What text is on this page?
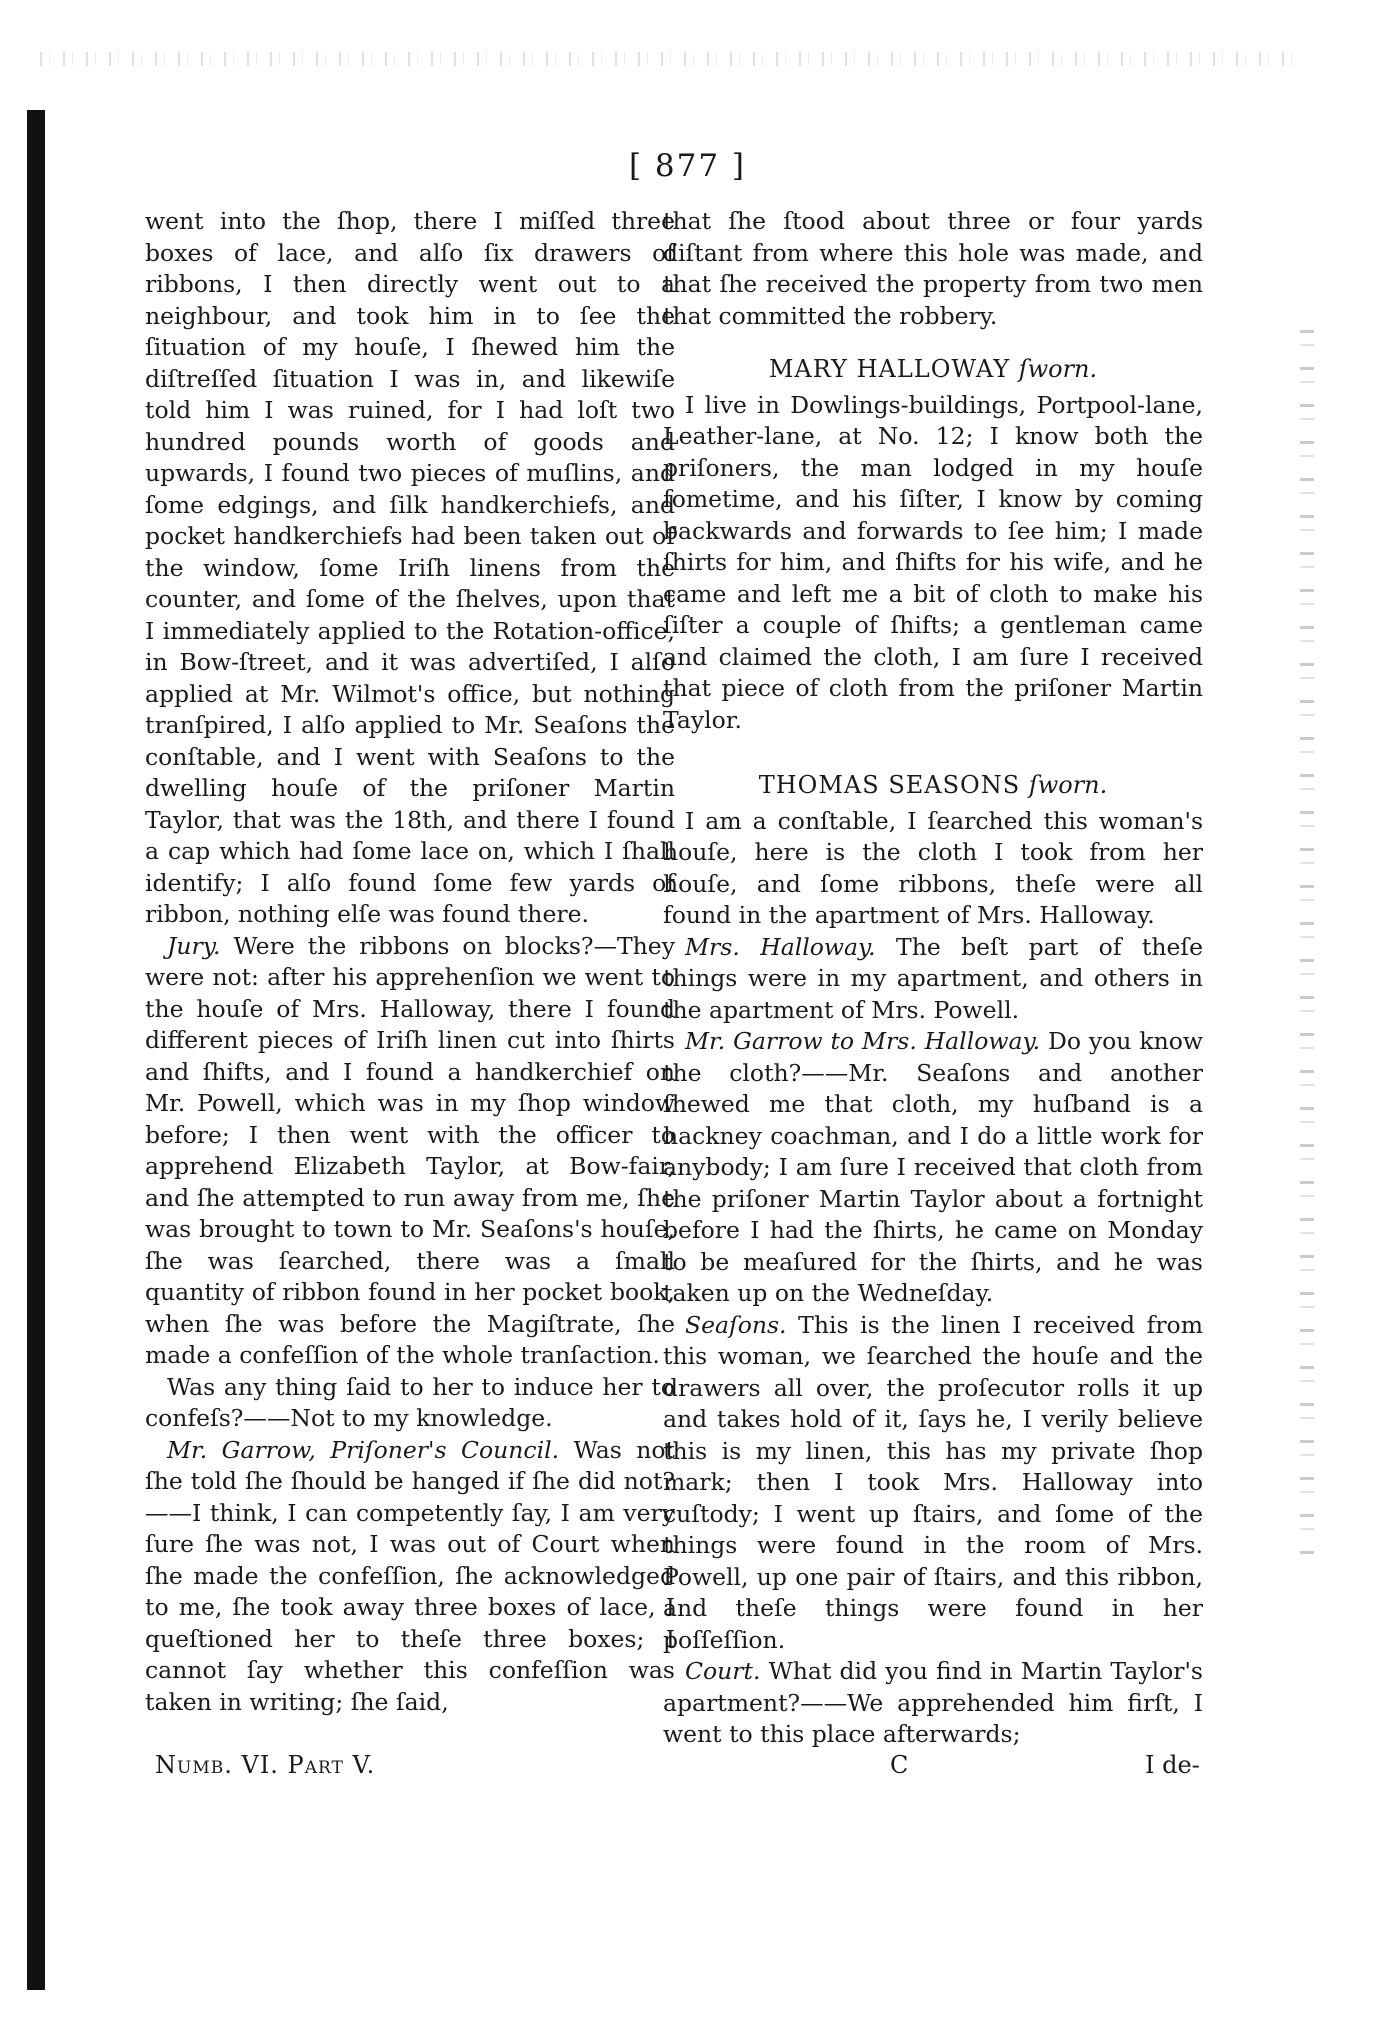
[ 877 ]

went into the ſhop, there I miſſed three boxes of lace, and alſo ſix drawers of ribbons, I then directly went out to a neighbour, and took him in to ſee the ſituation of my houſe, I ſhewed him the diſtreſſed ſituation I was in, and likewiſe told him I was ruined, for I had loſt two hundred pounds worth of goods and upwards, I found two pieces of muſlins, and ſome edgings, and ſilk handkerchiefs, and pocket handkerchiefs had been taken out of the window, ſome Iriſh linens from the counter, and ſome of the ſhelves, upon that I immediately applied to the Rotation-office, in Bow-ſtreet, and it was advertiſed, I alſo applied at Mr. Wilmot's office, but nothing tranſpired, I alſo applied to Mr. Seaſons the conſtable, and I went with Seaſons to the dwelling houſe of the priſoner Martin Taylor, that was the 18th, and there I found a cap which had ſome lace on, which I ſhall identify; I alſo found ſome few yards of ribbon, nothing elſe was found there.

Jury. Were the ribbons on blocks?—They were not: after his apprehenſion we went to the houſe of Mrs. Halloway, there I found different pieces of Iriſh linen cut into ſhirts and ſhifts, and I found a handkerchief on Mr. Powell, which was in my ſhop window before; I then went with the officer to apprehend Elizabeth Taylor, at Bow-fair, and ſhe attempted to run away from me, ſhe was brought to town to Mr. Seaſons's houſe, ſhe was ſearched, there was a ſmall quantity of ribbon found in her pocket book, when ſhe was before the Magiſtrate, ſhe made a confeſſion of the whole tranſaction.

Was any thing ſaid to her to induce her to confeſs?——Not to my knowledge.

Mr. Garrow, Priſoner's Council. Was not ſhe told ſhe ſhould be hanged if ſhe did not?——I think, I can competently ſay, I am very ſure ſhe was not, I was out of Court when ſhe made the confeſſion, ſhe acknowledged to me, ſhe took away three boxes of lace, I queſtioned her to theſe three boxes; I cannot ſay whether this confeſſion was taken in writing; ſhe ſaid,

that ſhe ſtood about three or four yards diſtant from where this hole was made, and that ſhe received the property from two men that committed the robbery.

MARY HALLOWAY ſworn.

I live in Dowlings-buildings, Portpool-lane, Leather-lane, at No. 12; I know both the priſoners, the man lodged in my houſe ſometime, and his ſiſter, I know by coming backwards and forwards to ſee him; I made ſhirts for him, and ſhifts for his wife, and he came and left me a bit of cloth to make his ſiſter a couple of ſhifts; a gentleman came and claimed the cloth, I am ſure I received that piece of cloth from the priſoner Martin Taylor.

THOMAS SEASONS ſworn.

I am a conſtable, I ſearched this woman's houſe, here is the cloth I took from her houſe, and ſome ribbons, theſe were all found in the apartment of Mrs. Halloway.

Mrs. Halloway. The beſt part of theſe things were in my apartment, and others in the apartment of Mrs. Powell.

Mr. Garrow to Mrs. Halloway. Do you know the cloth?——Mr. Seaſons and another ſhewed me that cloth, my huſband is a hackney coachman, and I do a little work for anybody; I am ſure I received that cloth from the priſoner Martin Taylor about a fortnight before I had the ſhirts, he came on Monday to be meaſured for the ſhirts, and he was taken up on the Wedneſday.

Seaſons. This is the linen I received from this woman, we ſearched the houſe and the drawers all over, the proſecutor rolls it up and takes hold of it, ſays he, I verily believe this is my linen, this has my private ſhop mark; then I took Mrs. Halloway into cuſtody; I went up ſtairs, and ſome of the things were found in the room of Mrs. Powell, up one pair of ſtairs, and this ribbon, and theſe things were found in her poſſeſſion.

Court. What did you find in Martin Taylor's apartment?——We apprehended him firſt, I went to this place afterwards;

Numb. VI. Part V.	C	I de-
